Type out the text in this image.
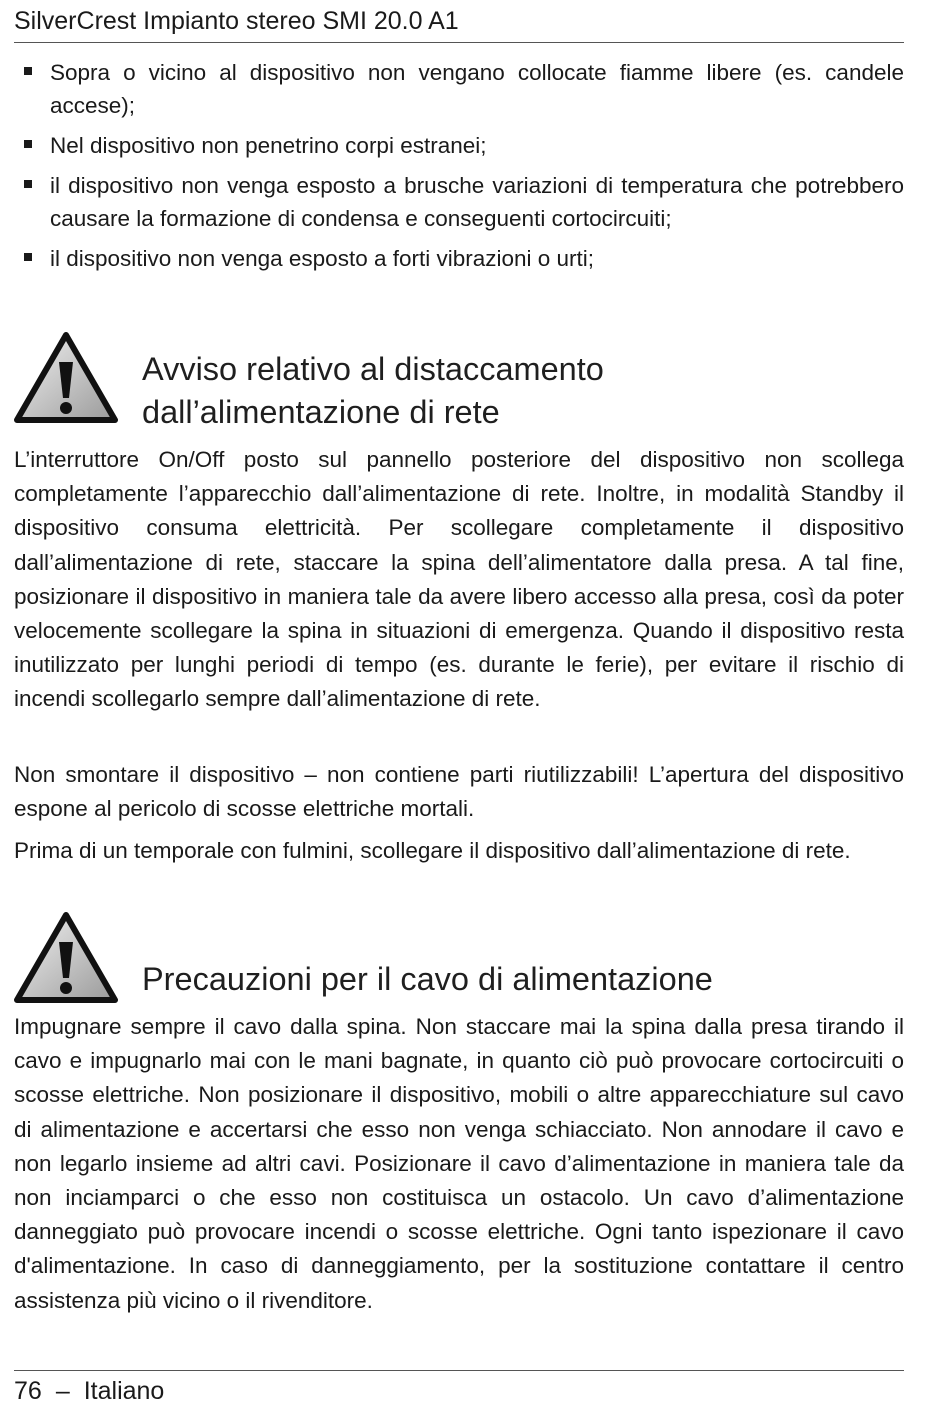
SilverCrest Impianto stereo SMI 20.0 A1
Sopra o vicino al dispositivo non vengano collocate fiamme libere (es. candele accese);
Nel dispositivo non penetrino corpi estranei;
il dispositivo non venga esposto a brusche variazioni di temperatura che potrebbero causare la formazione di condensa e conseguenti cortocircuiti;
il dispositivo non venga esposto a forti vibrazioni o urti;
Avviso relativo al distaccamento
dall’alimentazione di rete

L’interruttore On/Off posto sul pannello posteriore del dispositivo non scollega completamente l’apparecchio dall’alimentazione di rete. Inoltre, in modalità Standby il dispositivo consuma elettricità. Per scollegare completamente il dispositivo dall’alimentazione di rete, staccare la spina dell’alimentatore dalla presa. A tal fine, posizionare il dispositivo in maniera tale da avere libero accesso alla presa, così da poter velocemente scollegare la spina in situazioni di emergenza. Quando il dispositivo resta inutilizzato per lunghi periodi di tempo (es. durante le ferie), per evitare il rischio di incendi scollegarlo sempre dall’alimentazione di rete.

Non smontare il dispositivo – non contiene parti riutilizzabili! L’apertura del dispositivo espone al pericolo di scosse elettriche mortali.

Prima di un temporale con fulmini, scollegare il dispositivo dall’alimentazione di rete.

Precauzioni per il cavo di alimentazione

Impugnare sempre il cavo dalla spina. Non staccare mai la spina dalla presa tirando il cavo e impugnarlo mai con le mani bagnate, in quanto ciò può provocare cortocircuiti o scosse elettriche. Non posizionare il dispositivo, mobili o altre apparecchiature sul cavo di alimentazione e accertarsi che esso non venga schiacciato. Non annodare il cavo e non legarlo insieme ad altri cavi. Posizionare il cavo d’alimentazione in maniera tale da non inciamparci o che esso non costituisca un ostacolo. Un cavo d’alimentazione danneggiato può provocare incendi o scosse elettriche. Ogni tanto ispezionare il cavo d'alimentazione. In caso di danneggiamento, per la sostituzione contattare il centro assistenza più vicino o il rivenditore.

76 – Italiano
